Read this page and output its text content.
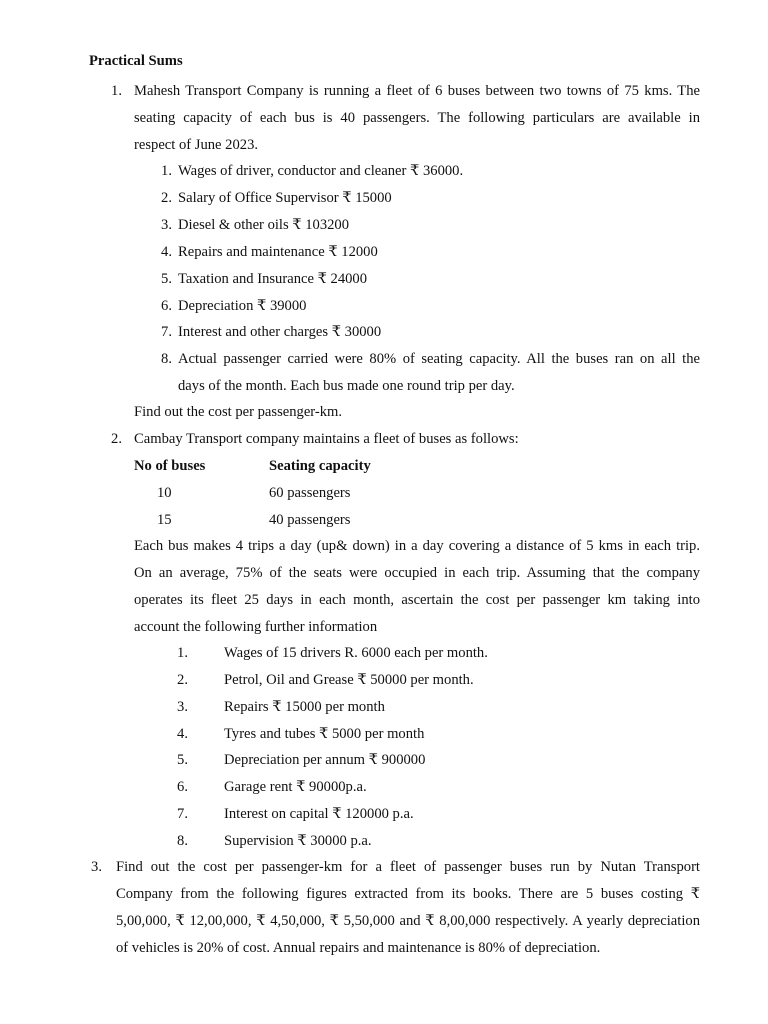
Practical Sums
1. Mahesh Transport Company is running a fleet of 6 buses between two towns of 75 kms. The
seating capacity of each bus is 40 passengers. The following particulars are available in
respect of June 2023.
1. Wages of driver, conductor and cleaner ₹ 36000.
2. Salary of Office Supervisor ₹ 15000
3. Diesel & other oils ₹ 103200
4. Repairs and maintenance ₹ 12000
5. Taxation and Insurance ₹ 24000
6. Depreciation ₹ 39000
7. Interest and other charges ₹ 30000
8. Actual passenger carried were 80% of seating capacity. All the buses ran on all the
days of the month. Each bus made one round trip per day.
Find out the cost per passenger-km.
2. Cambay Transport company maintains a fleet of buses as follows:
No of buses	Seating capacity
10	60 passengers
15	40 passengers
Each bus makes 4 trips a day (up& down) in a day covering a distance of 5 kms in each trip.
On an average, 75% of the seats were occupied in each trip. Assuming that the company
operates its fleet 25 days in each month, ascertain the cost per passenger km taking into
account the following further information
1. Wages of 15 drivers R. 6000 each per month.
2. Petrol, Oil and Grease ₹ 50000 per month.
3. Repairs ₹ 15000 per month
4. Tyres and tubes ₹ 5000 per month
5. Depreciation per annum ₹ 900000
6. Garage rent ₹ 90000p.a.
7. Interest on capital ₹ 120000 p.a.
8. Supervision ₹ 30000 p.a.
3. Find out the cost per passenger-km for a fleet of passenger buses run by Nutan Transport
Company from the following figures extracted from its books. There are 5 buses costing ₹
5,00,000, ₹ 12,00,000, ₹ 4,50,000, ₹ 5,50,000 and ₹ 8,00,000 respectively. A yearly depreciation
of vehicles is 20% of cost. Annual repairs and maintenance is 80% of depreciation.
